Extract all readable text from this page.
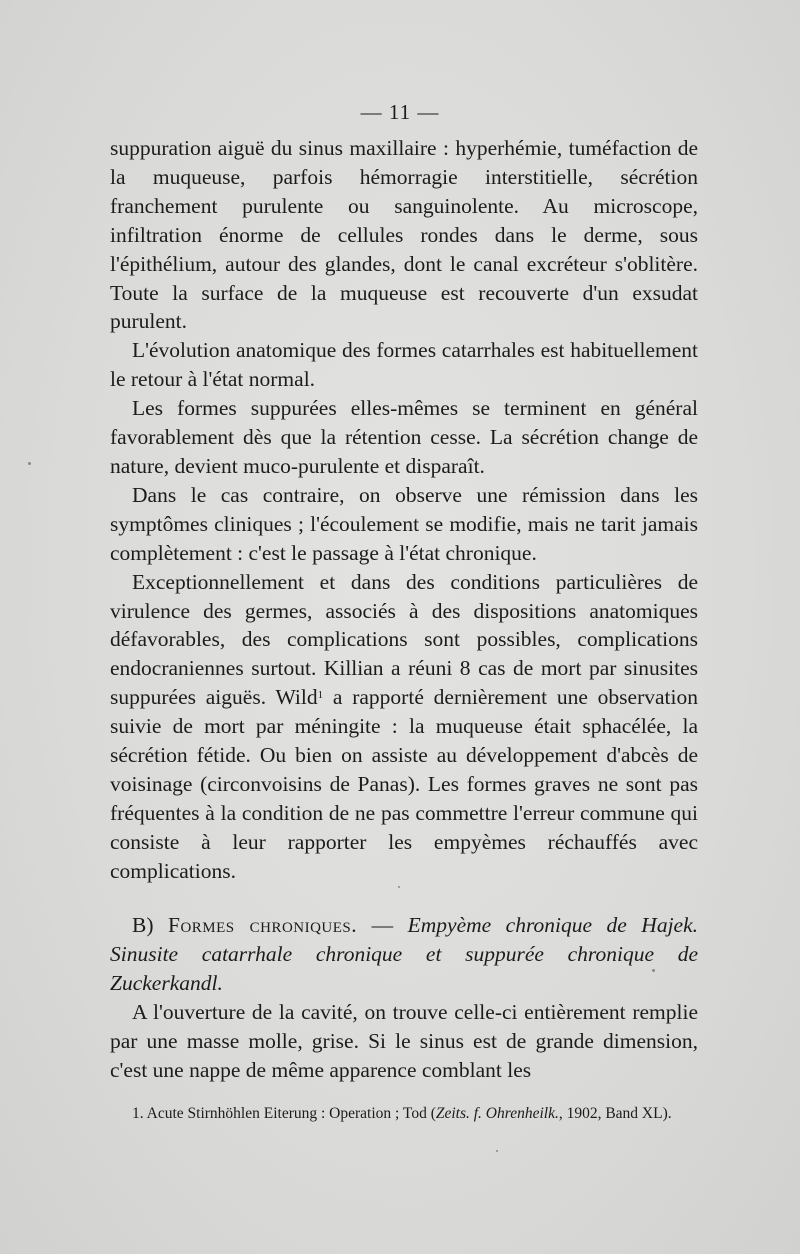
— 11 —

suppuration aiguë du sinus maxillaire : hyperhémie, tuméfaction de la muqueuse, parfois hémorragie interstitielle, sécrétion franchement purulente ou sanguinolente. Au microscope, infiltration énorme de cellules rondes dans le derme, sous l'épithélium, autour des glandes, dont le canal excréteur s'oblitère. Toute la surface de la muqueuse est recouverte d'un exsudat purulent.

L'évolution anatomique des formes catarrhales est habituellement le retour à l'état normal.

Les formes suppurées elles-mêmes se terminent en général favorablement dès que la rétention cesse. La sécrétion change de nature, devient muco-purulente et disparaît.

Dans le cas contraire, on observe une rémission dans les symptômes cliniques ; l'écoulement se modifie, mais ne tarit jamais complètement : c'est le passage à l'état chronique.

Exceptionnellement et dans des conditions particulières de virulence des germes, associés à des dispositions anatomiques défavorables, des complications sont possibles, complications endocraniennes surtout. Killian a réuni 8 cas de mort par sinusites suppurées aiguës. Wild$^1$ a rapporté dernièrement une observation suivie de mort par méningite : la muqueuse était sphacélée, la sécrétion fétide. Ou bien on assiste au développement d'abcès de voisinage (circonvoisins de Panas). Les formes graves ne sont pas fréquentes à la condition de ne pas commettre l'erreur commune qui consiste à leur rapporter les empyèmes réchauffés avec complications.

B) Formes chroniques. — Empyème chronique de Hajek. Sinusite catarrhale chronique et suppurée chronique de Zuckerkandl.

A l'ouverture de la cavité, on trouve celle-ci entièrement remplie par une masse molle, grise. Si le sinus est de grande dimension, c'est une nappe de même apparence comblant les

1. Acute Stirnhöhlen Eiterung : Operation ; Tod (Zeits. f. Ohrenheilk., 1902, Band XL).
